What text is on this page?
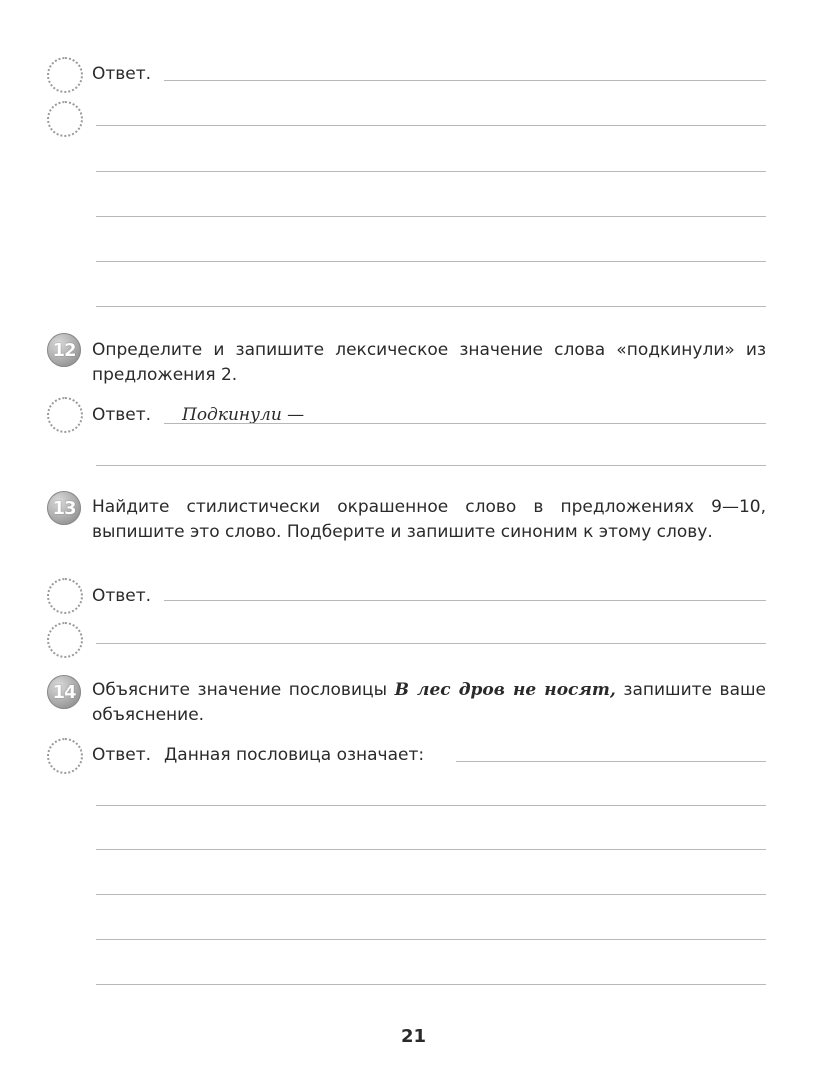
Ответ.
12 Определите и запишите лексическое значение слова «подкинули» из предложения 2.
Ответ. Подкинули —
13 Найдите стилистически окрашенное слово в предложениях 9—10, выпишите это слово. Подберите и запишите синоним к этому слову.
Ответ.
14 Объясните значение пословицы В лес дров не носят, запишите ваше объяснение.
Ответ. Данная пословица означает:
21
